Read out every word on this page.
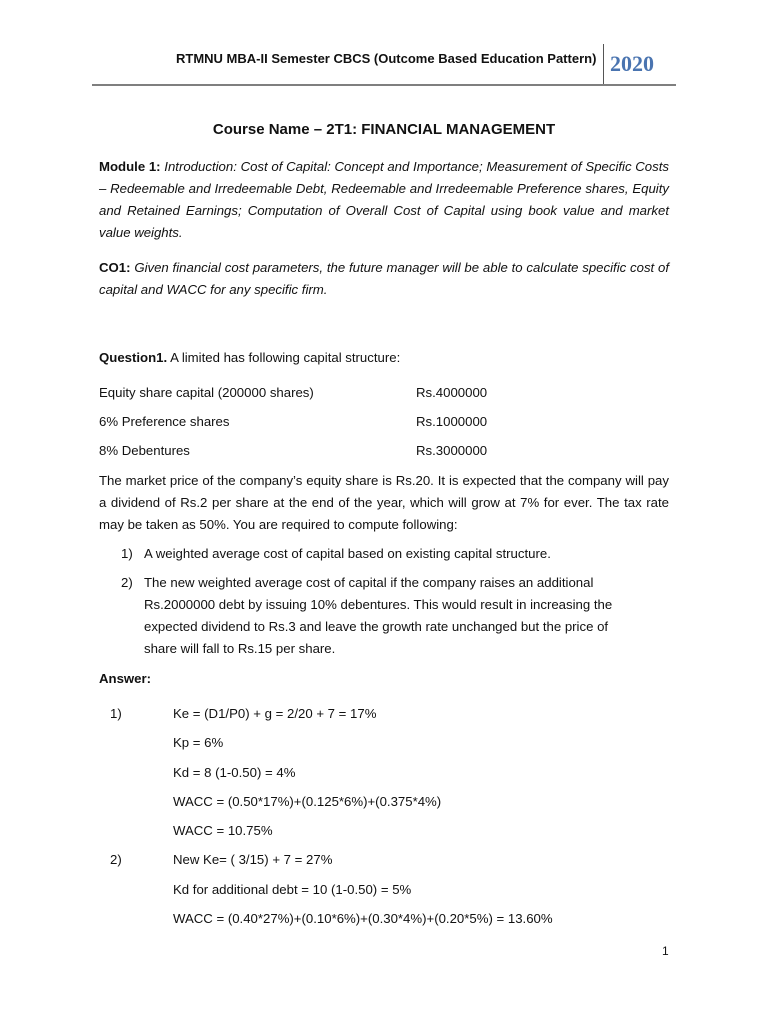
RTMNU MBA-II Semester CBCS (Outcome Based Education Pattern) 2020
Course Name – 2T1: FINANCIAL MANAGEMENT
Module 1: Introduction: Cost of Capital: Concept and Importance; Measurement of Specific Costs – Redeemable and Irredeemable Debt, Redeemable and Irredeemable Preference shares, Equity and Retained Earnings; Computation of Overall Cost of Capital using book value and market value weights.
CO1: Given financial cost parameters, the future manager will be able to calculate specific cost of capital and WACC for any specific firm.
Question1. A limited has following capital structure:
Equity share capital (200000 shares)	Rs.4000000
6% Preference shares	Rs.1000000
8% Debentures	Rs.3000000
The market price of the company’s equity share is Rs.20. It is expected that the company will pay a dividend of Rs.2 per share at the end of the year, which will grow at 7% for ever. The tax rate may be taken as 50%. You are required to compute following:
1) A weighted average cost of capital based on existing capital structure.
2) The new weighted average cost of capital if the company raises an additional Rs.2000000 debt by issuing 10% debentures. This would result in increasing the expected dividend to Rs.3 and leave the growth rate unchanged but the price of share will fall to Rs.15 per share.
Answer:
1)	Ke = (D1/P0) + g = 2/20 + 7 = 17%
Kp = 6%
Kd = 8 (1-0.50) = 4%
WACC = (0.50*17%)+(0.125*6%)+(0.375*4%)
WACC = 10.75%
2)	New Ke= ( 3/15) + 7 = 27%
Kd for additional debt = 10 (1-0.50) = 5%
WACC = (0.40*27%)+(0.10*6%)+(0.30*4%)+(0.20*5%) = 13.60%
1
